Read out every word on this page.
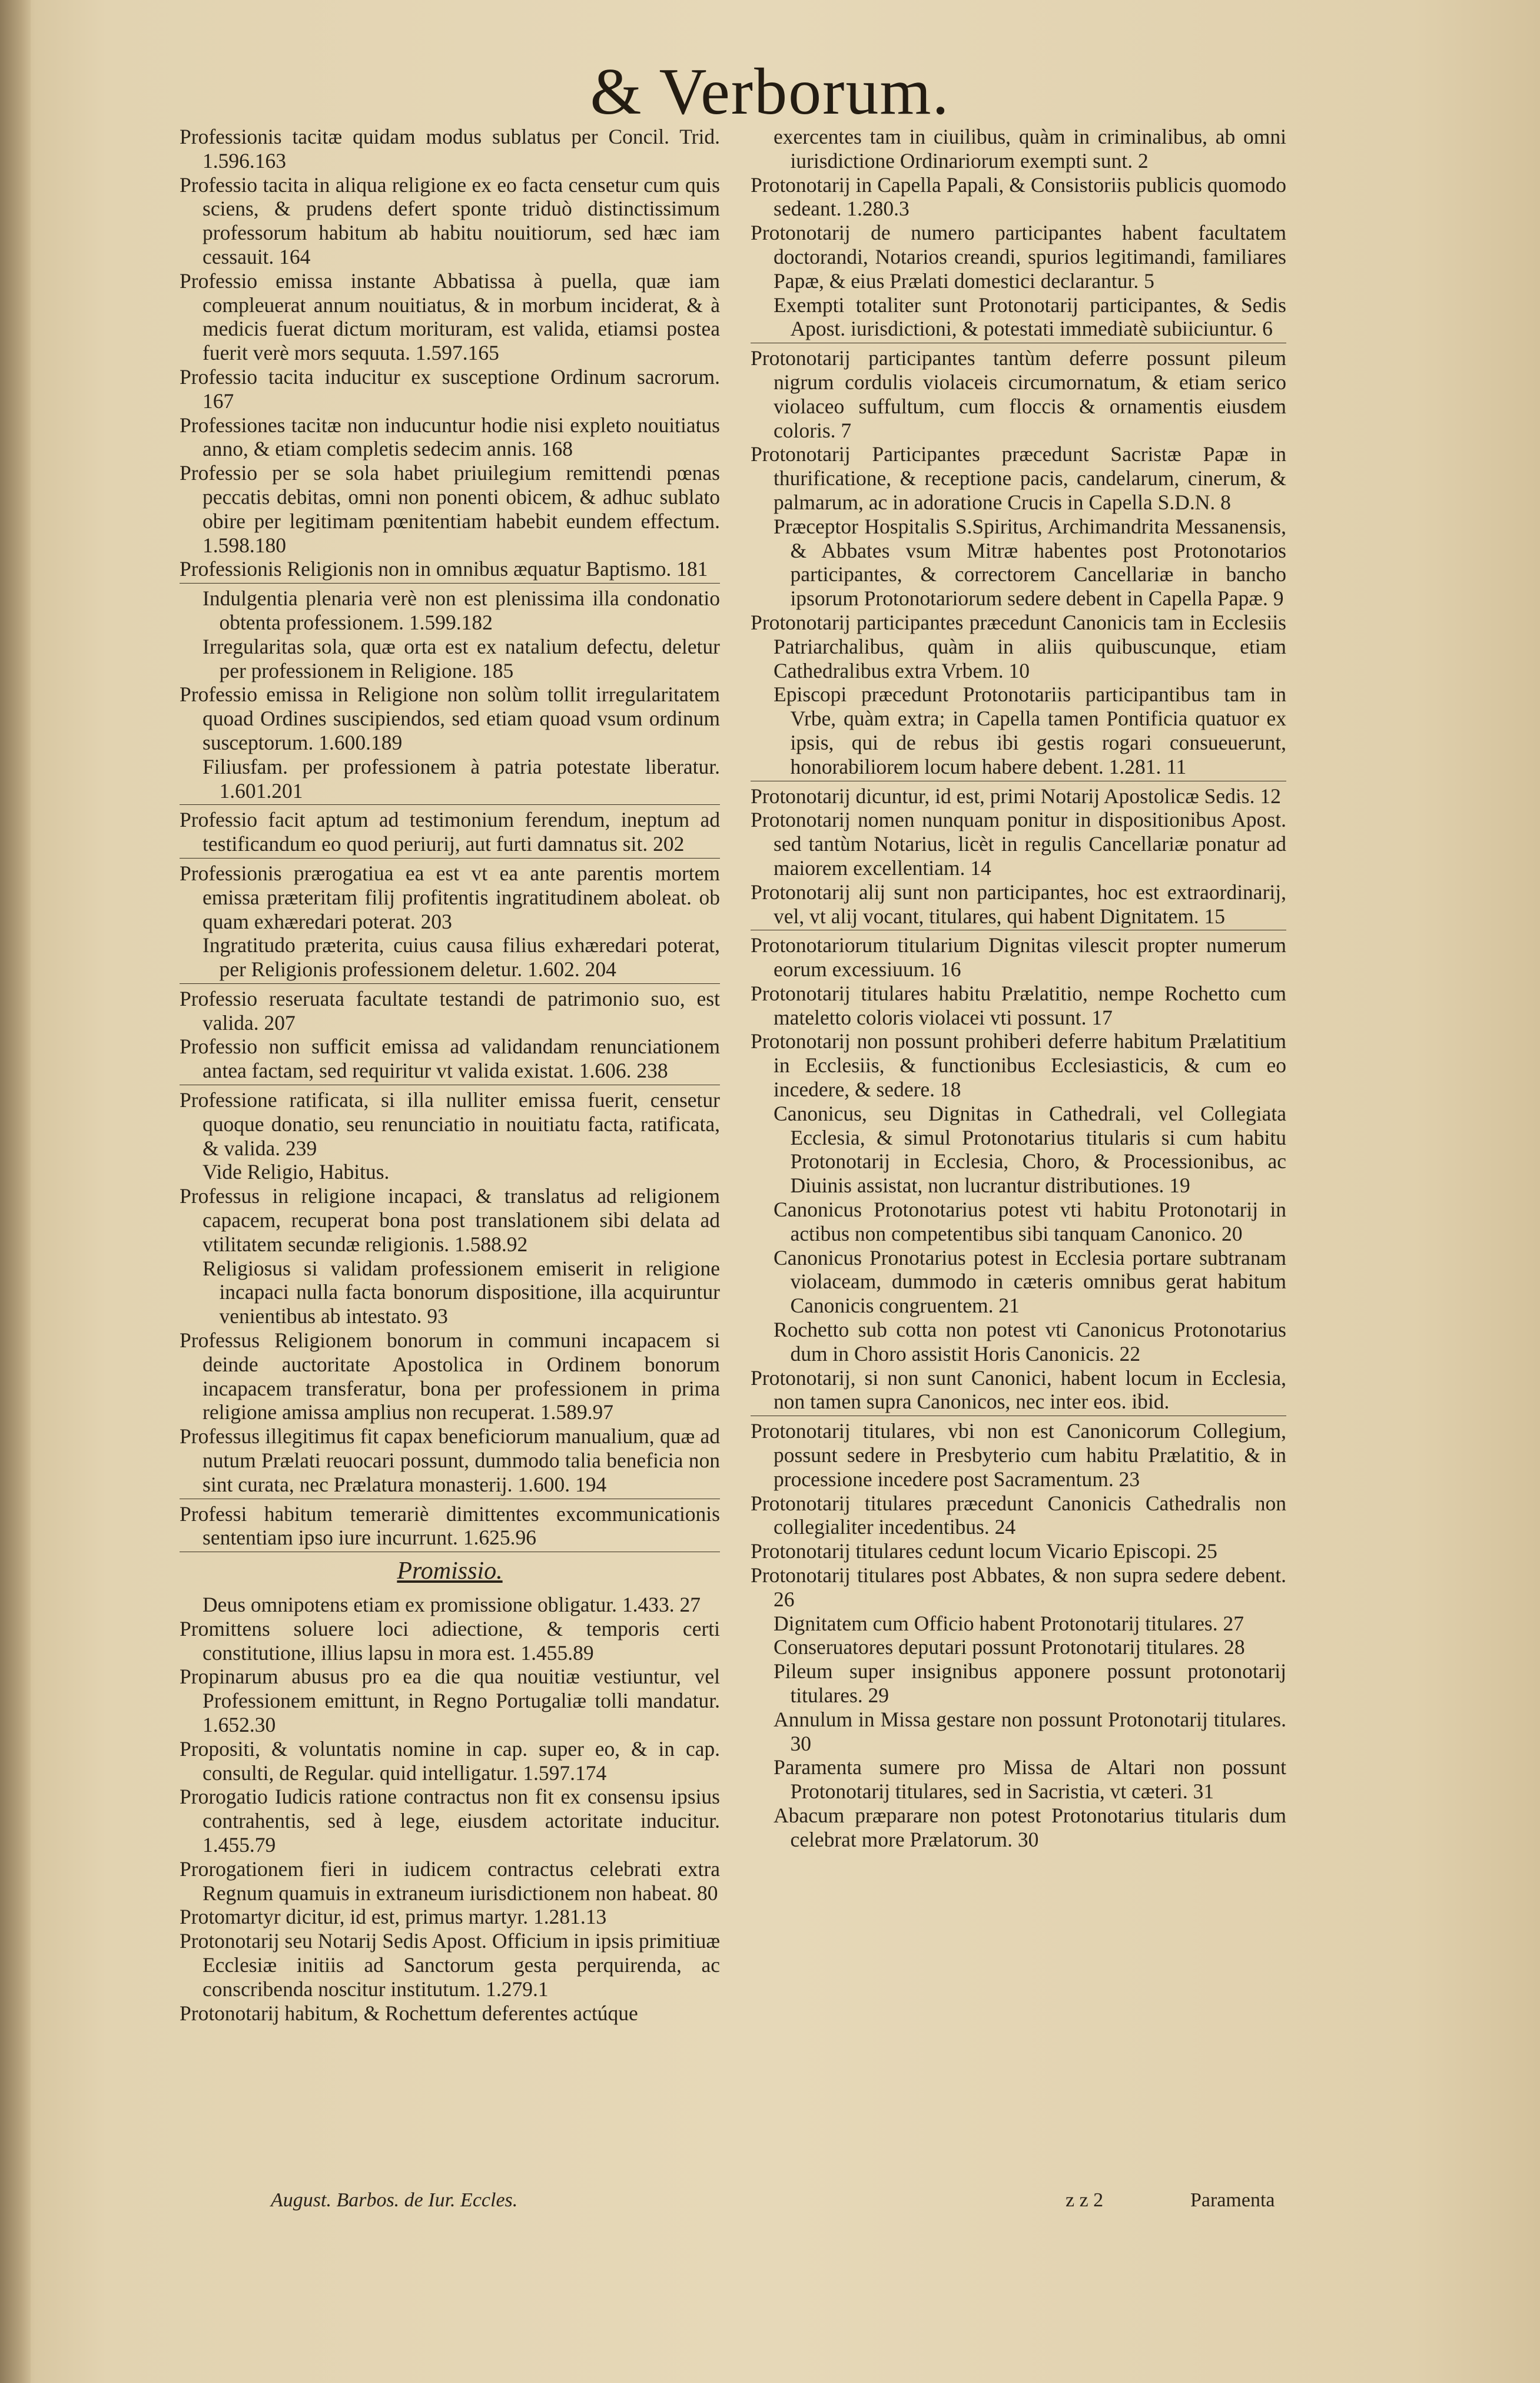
& Verborum.

Professionis tacitæ quidam modus sublatus per Concil. Trid. 1.596.163

Professio tacita in aliqua religione ex eo facta censetur cum quis sciens, & prudens defert sponte triduò distinctissimum professorum habitum ab habitu nouitiorum, sed hæc iam cessauit. 164

Professio emissa instante Abbatissa à puella, quæ iam compleuerat annum nouitiatus, & in morbum inciderat, & à medicis fuerat dictum morituram, est valida, etiamsi postea fuerit verè mors sequuta. 1.597.165

Professio tacita inducitur ex susceptione Ordinum sacrorum. 167

Professiones tacitæ non inducuntur hodie nisi expleto nouitiatus anno, & etiam completis sedecim annis. 168

Professio per se sola habet priuilegium remittendi pœnas peccatis debitas, omni non ponenti obicem, & adhuc sublato obire per legitimam pœnitentiam habebit eundem effectum. 1.598.180

Professionis Religionis non in omnibus æquatur Baptismo. 181

Indulgentia plenaria verè non est plenissima illa condonatio obtenta professionem. 1.599.182

Irregularitas sola, quæ orta est ex natalium defectu, deletur per professionem in Religione. 185

Professio emissa in Religione non solùm tollit irregularitatem quoad Ordines suscipiendos, sed etiam quoad vsum ordinum susceptorum. 1.600.189

Filiusfam. per professionem à patria potestate liberatur. 1.601.201

Professio facit aptum ad testimonium ferendum, ineptum ad testificandum eo quod periurij, aut furti damnatus sit. 202

Professionis prærogatiua ea est vt ea ante parentis mortem emissa præteritam filij profitentis ingratitudinem aboleat. ob quam exhæredari poterat. 203

Ingratitudo præterita, cuius causa filius exhæredari poterat, per Religionis professionem deletur. 1.602. 204

Professio reseruata facultate testandi de patrimonio suo, est valida. 207

Professio non sufficit emissa ad validandam renunciationem antea factam, sed requiritur vt valida existat. 1.606. 238

Professione ratificata, si illa nulliter emissa fuerit, censetur quoque donatio, seu renunciatio in nouitiatu facta, ratificata, & valida. 239

Vide Religio, Habitus.

Professus in religione incapaci, & translatus ad religionem capacem, recuperat bona post translationem sibi delata ad vtilitatem secundæ religionis. 1.588.92

Religiosus si validam professionem emiserit in religione incapaci nulla facta bonorum dispositione, illa acquiruntur venientibus ab intestato. 93

Professus Religionem bonorum in communi incapacem si deinde auctoritate Apostolica in Ordinem bonorum incapacem transferatur, bona per professionem in prima religione amissa amplius non recuperat. 1.589.97

Professus illegitimus fit capax beneficiorum manualium, quæ ad nutum Prælati reuocari possunt, dummodo talia beneficia non sint curata, nec Prælatura monasterij. 1.600. 194

Professi habitum temerariè dimittentes excommunicationis sententiam ipso iure incurrunt. 1.625.96

Promissio.

Deus omnipotens etiam ex promissione obligatur. 1.433. 27

Promittens soluere loci adiectione, & temporis certi constitutione, illius lapsu in mora est. 1.455.89

Propinarum abusus pro ea die qua nouitiæ vestiuntur, vel Professionem emittunt, in Regno Portugaliæ tolli mandatur. 1.652.30

Propositi, & voluntatis nomine in cap. super eo, & in cap. consulti, de Regular. quid intelligatur. 1.597.174

Prorogatio Iudicis ratione contractus non fit ex consensu ipsius contrahentis, sed à lege, eiusdem actoritate inducitur. 1.455.79

Prorogationem fieri in iudicem contractus celebrati extra Regnum quamuis in extraneum iurisdictionem non habeat. 80

Protomartyr dicitur, id est, primus martyr. 1.281.13

Protonotarij seu Notarij Sedis Apost. Officium in ipsis primitiuæ Ecclesiæ initiis ad Sanctorum gesta perquirenda, ac conscribenda noscitur institutum. 1.279.1

Protonotarij habitum, & Rochettum deferentes actúque

exercentes tam in ciuilibus, quàm in criminalibus, ab omni iurisdictione Ordinariorum exempti sunt. 2

Protonotarij in Capella Papali, & Consistoriis publicis quomodo sedeant. 1.280.3

Protonotarij de numero participantes habent facultatem doctorandi, Notarios creandi, spurios legitimandi, familiares Papæ, & eius Prælati domestici declarantur. 5

Exempti totaliter sunt Protonotarij participantes, & Sedis Apost. iurisdictioni, & potestati immediatè subiiciuntur. 6

Protonotarij participantes tantùm deferre possunt pileum nigrum cordulis violaceis circumornatum, & etiam serico violaceo suffultum, cum floccis & ornamentis eiusdem coloris. 7

Protonotarij Participantes præcedunt Sacristæ Papæ in thurificatione, & receptione pacis, candelarum, cinerum, & palmarum, ac in adoratione Crucis in Capella S.D.N. 8

Præceptor Hospitalis S.Spiritus, Archimandrita Messanensis, & Abbates vsum Mitræ habentes post Protonotarios participantes, & correctorem Cancellariæ in bancho ipsorum Protonotariorum sedere debent in Capella Papæ. 9

Protonotarij participantes præcedunt Canonicis tam in Ecclesiis Patriarchalibus, quàm in aliis quibuscunque, etiam Cathedralibus extra Vrbem. 10

Episcopi præcedunt Protonotariis participantibus tam in Vrbe, quàm extra; in Capella tamen Pontificia quatuor ex ipsis, qui de rebus ibi gestis rogari consueuerunt, honorabiliorem locum habere debent. 1.281. 11

Protonotarij dicuntur, id est, primi Notarij Apostolicæ Sedis. 12

Protonotarij nomen nunquam ponitur in dispositionibus Apost. sed tantùm Notarius, licèt in regulis Cancellariæ ponatur ad maiorem excellentiam. 14

Protonotarij alij sunt non participantes, hoc est extraordinarij, vel, vt alij vocant, titulares, qui habent Dignitatem. 15

Protonotariorum titularium Dignitas vilescit propter numerum eorum excessiuum. 16

Protonotarij titulares habitu Prælatitio, nempe Rochetto cum mateletto coloris violacei vti possunt. 17

Protonotarij non possunt prohiberi deferre habitum Prælatitium in Ecclesiis, & functionibus Ecclesiasticis, & cum eo incedere, & sedere. 18

Canonicus, seu Dignitas in Cathedrali, vel Collegiata Ecclesia, & simul Protonotarius titularis si cum habitu Protonotarij in Ecclesia, Choro, & Processionibus, ac Diuinis assistat, non lucrantur distributiones. 19

Canonicus Protonotarius potest vti habitu Protonotarij in actibus non competentibus sibi tanquam Canonico. 20

Canonicus Pronotarius potest in Ecclesia portare subtranam violaceam, dummodo in cæteris omnibus gerat habitum Canonicis congruentem. 21

Rochetto sub cotta non potest vti Canonicus Protonotarius dum in Choro assistit Horis Canonicis. 22

Protonotarij, si non sunt Canonici, habent locum in Ecclesia, non tamen supra Canonicos, nec inter eos. ibid.

Protonotarij titulares, vbi non est Canonicorum Collegium, possunt sedere in Presbyterio cum habitu Prælatitio, & in processione incedere post Sacramentum. 23

Protonotarij titulares præcedunt Canonicis Cathedralis non collegialiter incedentibus. 24

Protonotarij titulares cedunt locum Vicario Episcopi. 25

Protonotarij titulares post Abbates, & non supra sedere debent. 26

Dignitatem cum Officio habent Protonotarij titulares. 27

Conseruatores deputari possunt Protonotarij titulares. 28

Pileum super insignibus apponere possunt protonotarij titulares. 29

Annulum in Missa gestare non possunt Protonotarij titulares. 30

Paramenta sumere pro Missa de Altari non possunt Protonotarij titulares, sed in Sacristia, vt cæteri. 31

Abacum præparare non potest Protonotarius titularis dum celebrat more Prælatorum. 30

August. Barbos. de Iur. Eccles.	z z 2	Paramenta
